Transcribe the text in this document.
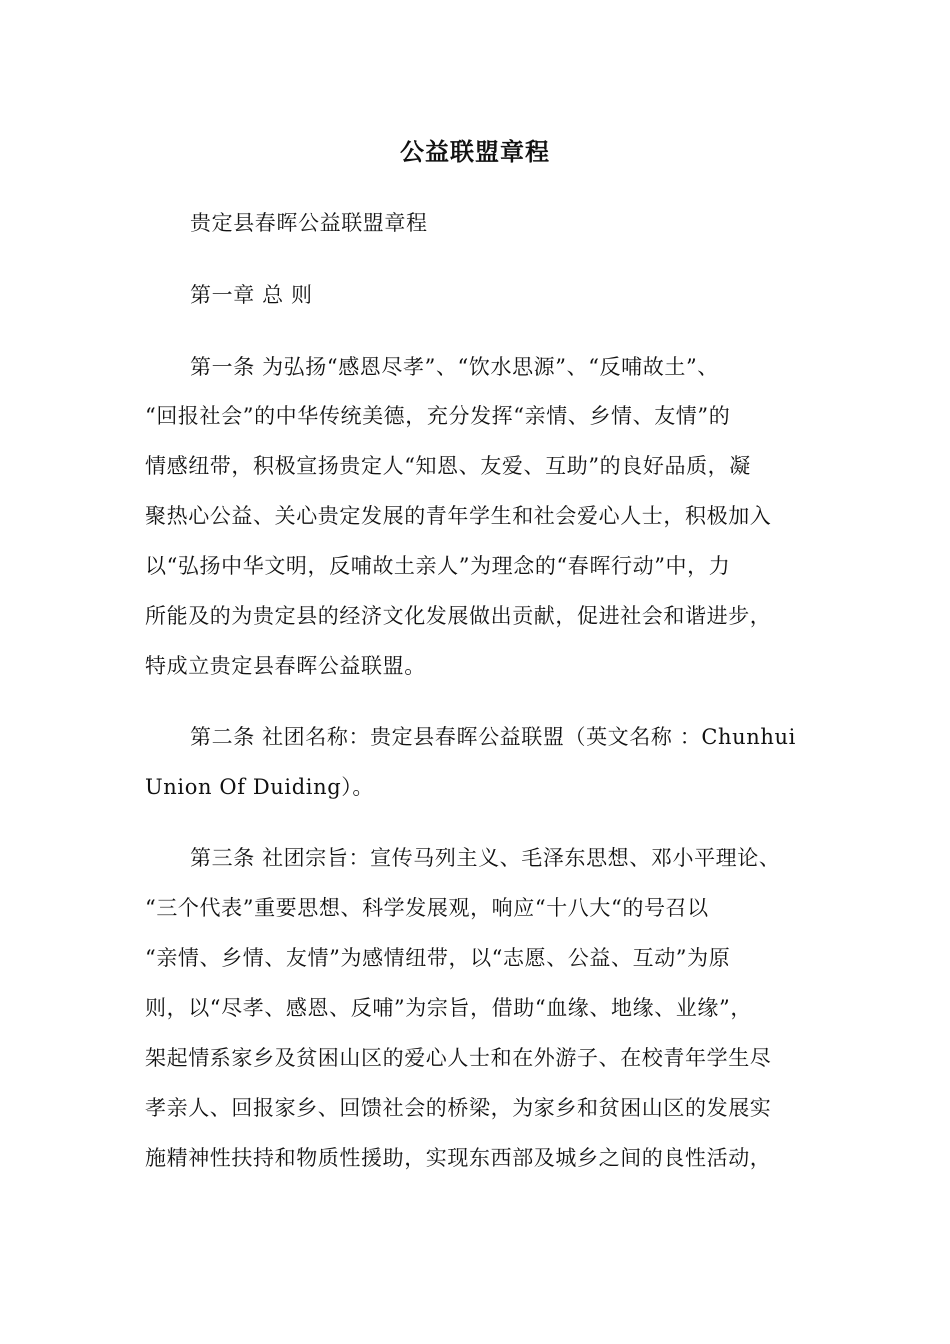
公益联盟章程
贵定县春晖公益联盟章程
第一章 总 则
第一条 为弘扬“感恩尽孝”、“饮水思源”、“反哺故土”、
“回报社会”的中华传统美德，充分发挥“亲情、乡情、友情”的
情感纽带，积极宣扬贵定人“知恩、友爱、互助”的良好品质，凝
聚热心公益、关心贵定发展的青年学生和社会爱心人士，积极加入
以“弘扬中华文明，反哺故土亲人”为理念的“春晖行动”中，力
所能及的为贵定县的经济文化发展做出贡献，促进社会和谐进步，
特成立贵定县春晖公益联盟。
第二条 社团名称：贵定县春晖公益联盟（英文名称 ：Chunhui
Union Of Duiding）。
第三条 社团宗旨：宣传马列主义、毛泽东思想、邓小平理论、
“三个代表”重要思想、科学发展观，响应“十八大“的号召以
“亲情、乡情、友情”为感情纽带，以“志愿、公益、互动”为原
则，以“尽孝、感恩、反哺”为宗旨，借助“血缘、地缘、业缘”，
架起情系家乡及贫困山区的爱心人士和在外游子、在校青年学生尽
孝亲人、回报家乡、回馈社会的桥梁，为家乡和贫困山区的发展实
施精神性扶持和物质性援助，实现东西部及城乡之间的良性活动，
